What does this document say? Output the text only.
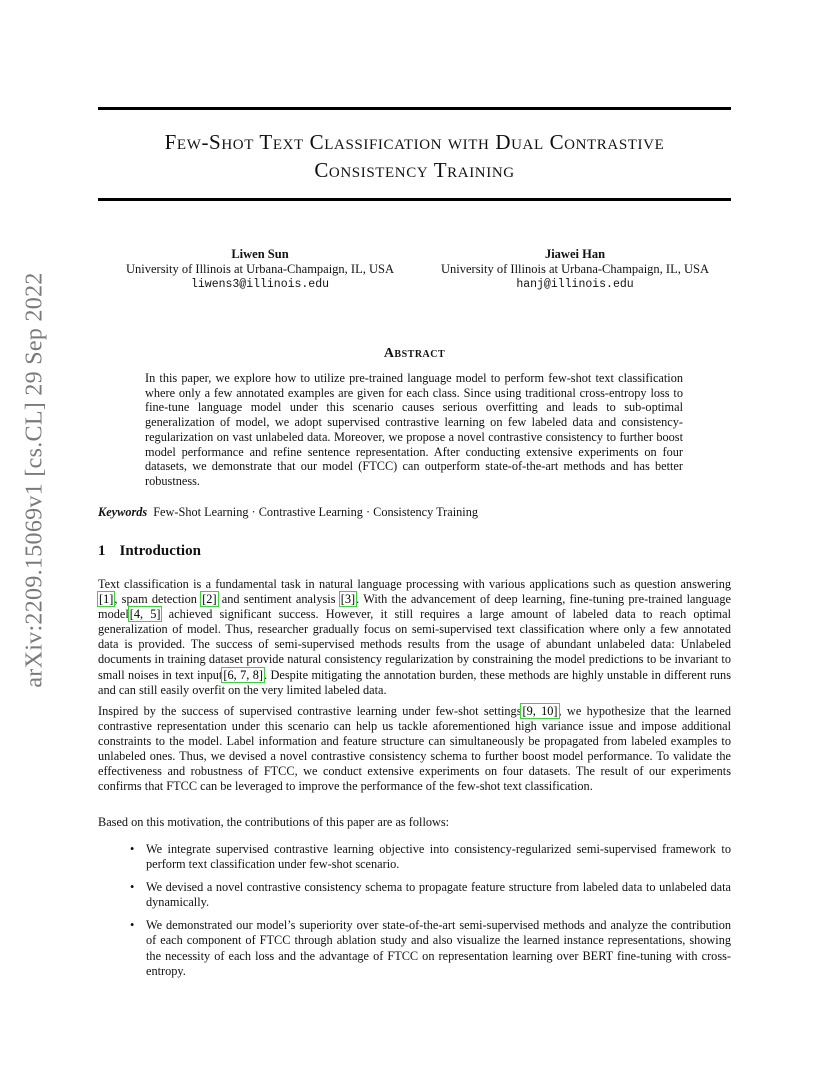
arXiv:2209.15069v1 [cs.CL] 29 Sep 2022
Few-Shot Text Classification with Dual Contrastive
Consistency Training
Liwen Sun
University of Illinois at Urbana-Champaign, IL, USA
liwens3@illinois.edu
Jiawei Han
University of Illinois at Urbana-Champaign, IL, USA
hanj@illinois.edu
Abstract
In this paper, we explore how to utilize pre-trained language model to perform few-shot text classification where only a few annotated examples are given for each class. Since using traditional cross-entropy loss to fine-tune language model under this scenario causes serious overfitting and leads to sub-optimal generalization of model, we adopt supervised contrastive learning on few labeled data and consistency-regularization on vast unlabeled data. Moreover, we propose a novel contrastive consistency to further boost model performance and refine sentence representation. After conducting extensive experiments on four datasets, we demonstrate that our model (FTCC) can outperform state-of-the-art methods and has better robustness.
Keywords Few-Shot Learning · Contrastive Learning · Consistency Training
1 Introduction

Text classification is a fundamental task in natural language processing with various applications such as question answering [1], spam detection [2] and sentiment analysis [3]. With the advancement of deep learning, fine-tuning pre-trained language model[4, 5] achieved significant success. However, it still requires a large amount of labeled data to reach optimal generalization of model. Thus, researcher gradually focus on semi-supervised text classification where only a few annotated data is provided. The success of semi-supervised methods results from the usage of abundant unlabeled data: Unlabeled documents in training dataset provide natural consistency regularization by constraining the model predictions to be invariant to small noises in text input[6, 7, 8]. Despite mitigating the annotation burden, these methods are highly unstable in different runs and can still easily overfit on the very limited labeled data.

Inspired by the success of supervised contrastive learning under few-shot settings[9, 10], we hypothesize that the learned contrastive representation under this scenario can help us tackle aforementioned high variance issue and impose additional constraints to the model. Label information and feature structure can simultaneously be propagated from labeled examples to unlabeled ones. Thus, we devised a novel contrastive consistency schema to further boost model performance. To validate the effectiveness and robustness of FTCC, we conduct extensive experiments on four datasets. The result of our experiments confirms that FTCC can be leveraged to improve the performance of the few-shot text classification.

Based on this motivation, the contributions of this paper are as follows:

• We integrate supervised contrastive learning objective into consistency-regularized semi-supervised framework to perform text classification under few-shot scenario.
• We devised a novel contrastive consistency schema to propagate feature structure from labeled data to unlabeled data dynamically.
• We demonstrated our model’s superiority over state-of-the-art semi-supervised methods and analyze the contribution of each component of FTCC through ablation study and also visualize the learned instance representations, showing the necessity of each loss and the advantage of FTCC on representation learning over BERT fine-tuning with cross-entropy.
